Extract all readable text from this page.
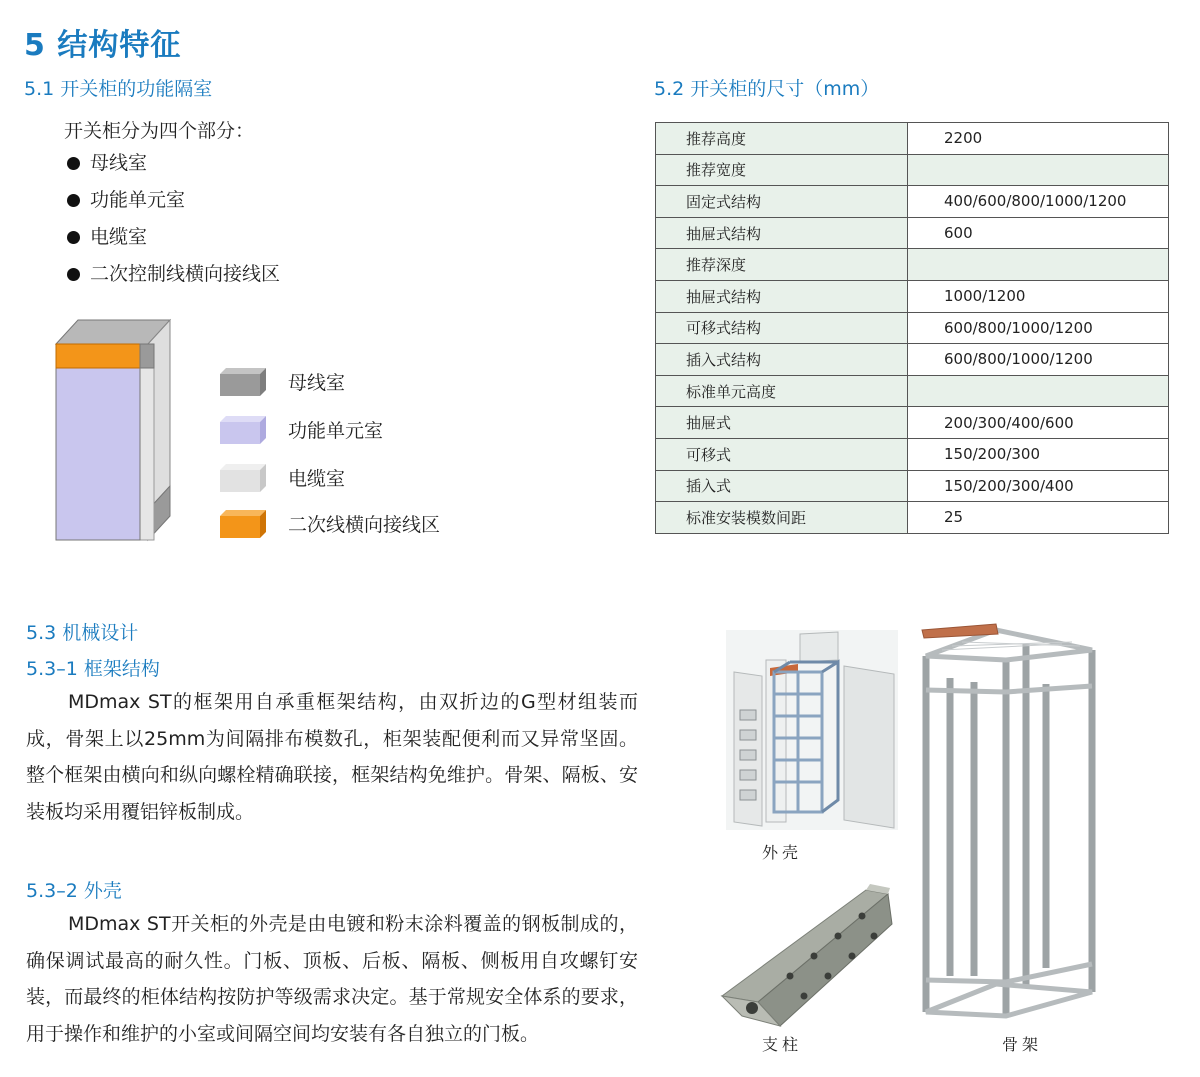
5 结构特征
5.1 开关柜的功能隔室
开关柜分为四个部分：
母线室
功能单元室
电缆室
二次控制线横向接线区
母线室
功能单元室
电缆室
二次线横向接线区
5.2 开关柜的尺寸（mm）
推荐高度	2200
推荐宽度	
固定式结构	400/600/800/1000/1200
抽屉式结构	600
推荐深度	
抽屉式结构	1000/1200
可移式结构	600/800/1000/1200
插入式结构	600/800/1000/1200
标准单元高度	
抽屉式	200/300/400/600
可移式	150/200/300
插入式	150/200/300/400
标准安装模数间距	25
5.3 机械设计
5.3–1 框架结构
MDmax ST的框架用自承重框架结构，由双折边的G型材组装而成，骨架上以25mm为间隔排布模数孔，柜架装配便利而又异常坚固。整个框架由横向和纵向螺栓精确联接，框架结构免维护。骨架、隔板、安装板均采用覆铝锌板制成。
5.3–2 外壳
MDmax ST开关柜的外壳是由电镀和粉末涂料覆盖的钢板制成的，确保调试最高的耐久性。门板、顶板、后板、隔板、侧板用自攻螺钉安装，而最终的柜体结构按防护等级需求决定。基于常规安全体系的要求，用于操作和维护的小室或间隔空间均安装有各自独立的门板。
外壳
支柱	骨架
